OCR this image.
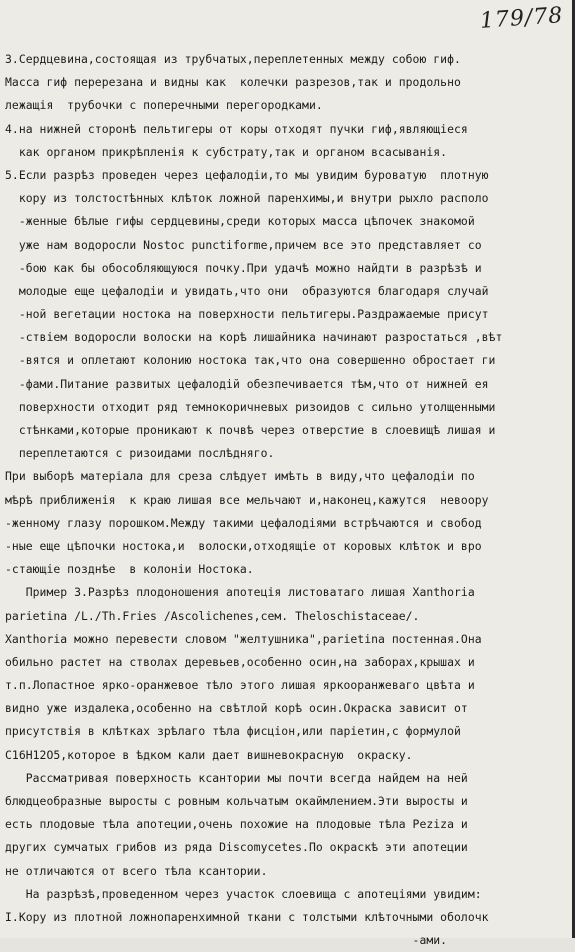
179/78
3.Сердцевина,состоящая из трубчатых,переплетенных между собою гиф.
Масса гиф перерезана и видны как  колечки разрезов,так и продольно
лежащія  трубочки с поперечными перегородками.
4.на нижней сторонѣ пельтигеры от коры отходят пучки гиф,являющiеся
как органом прикрѣпленія к субстрату,так и органом всасыванія.
5.Если разрѣз проведен через цефалодiи,то мы увидим буроватую  плотную
кору из толстостѣнных клѣток ложной паренхимы,и внутри рыхло располо
-женные бѣлые гифы сердцевины,среди которых масса цѣпочек знакомой
уже нам водоросли Nostoc punctiforme,причем все это представляет со
-бою как бы обособляющуюся почку.При удачѣ можно найдти в разрѣзѣ и
молодые еще цефалодiи и увидать,что они  образуются благодаря случай
-ной вегетации ностока на поверхности пельтигеры.Раздражаемые присут
-ствiем водоросли волоски на корѣ лишайника начинают разростаться ,вѣт
-вятся и оплетают колонию ностока так,что она совершенно обростает ги
-фами.Питание развитых цефалодiй обезпечивается тѣм,что от нижней ея
поверхности отходит ряд темнокоричневых ризоидов с сильно утолщенными
стѣнками,которые проникают к почвѣ через отверстие в слоевищѣ лишая и
переплетаются с ризоидами послѣдняго.
При выборѣ матеріала для среза слѣдует имѣть в виду,что цефалодiи по
мѣрѣ приближенія  к краю лишая все мельчают и,наконец,кажутся  невоору
-женному глазу порошком.Между такими цефалодiями встрѣчаются и свобод
-ные еще цѣпочки ностока,и  волоски,отходящiе от коровых клѣток и вро
-стающiе позднѣе  в колонiи Ностока.
Пример 3.Разрѣз плодоношения апотеція листоватаго лишая Xanthoria
parietina /L./Th.Fries /Ascolichenes,сем. Theloschistaceae/.
Xanthoria можно перевести словом "желтушника",parietina постенная.Она
обильно растет на стволах деревьев,особенно осин,на заборах,крышах и
т.п.Лопастное ярко-оранжевое тѣло этого лишая яркооранжеваго цвѣта и
видно уже издалека,особенно на свѣтлой корѣ осин.Окраска зависит от
присутствія в клѣтках зрѣлаго тѣла фисцiон,или паріетин,с формулой
C16H12O5,которое в ѣдком кали дает вишневокрасную  окраску.
Рассматривая поверхность ксантории мы почти всегда найдем на ней
блюдцеобразные выросты с ровным кольчатым окаймлением.Эти выросты и
есть плодовые тѣла апотеции,очень похожие на плодовые тѣла Peziza и
других сумчатых грибов из ряда Discomycetes.По окраскѣ эти апотеции
не отличаются от всего тѣла ксантории.
На разрѣзѣ,проведенном через участок слоевища с апотеціями увидим:
I.Кору из плотной ложнопаренхимной ткани с толстыми клѣточными оболочк
-ами.
